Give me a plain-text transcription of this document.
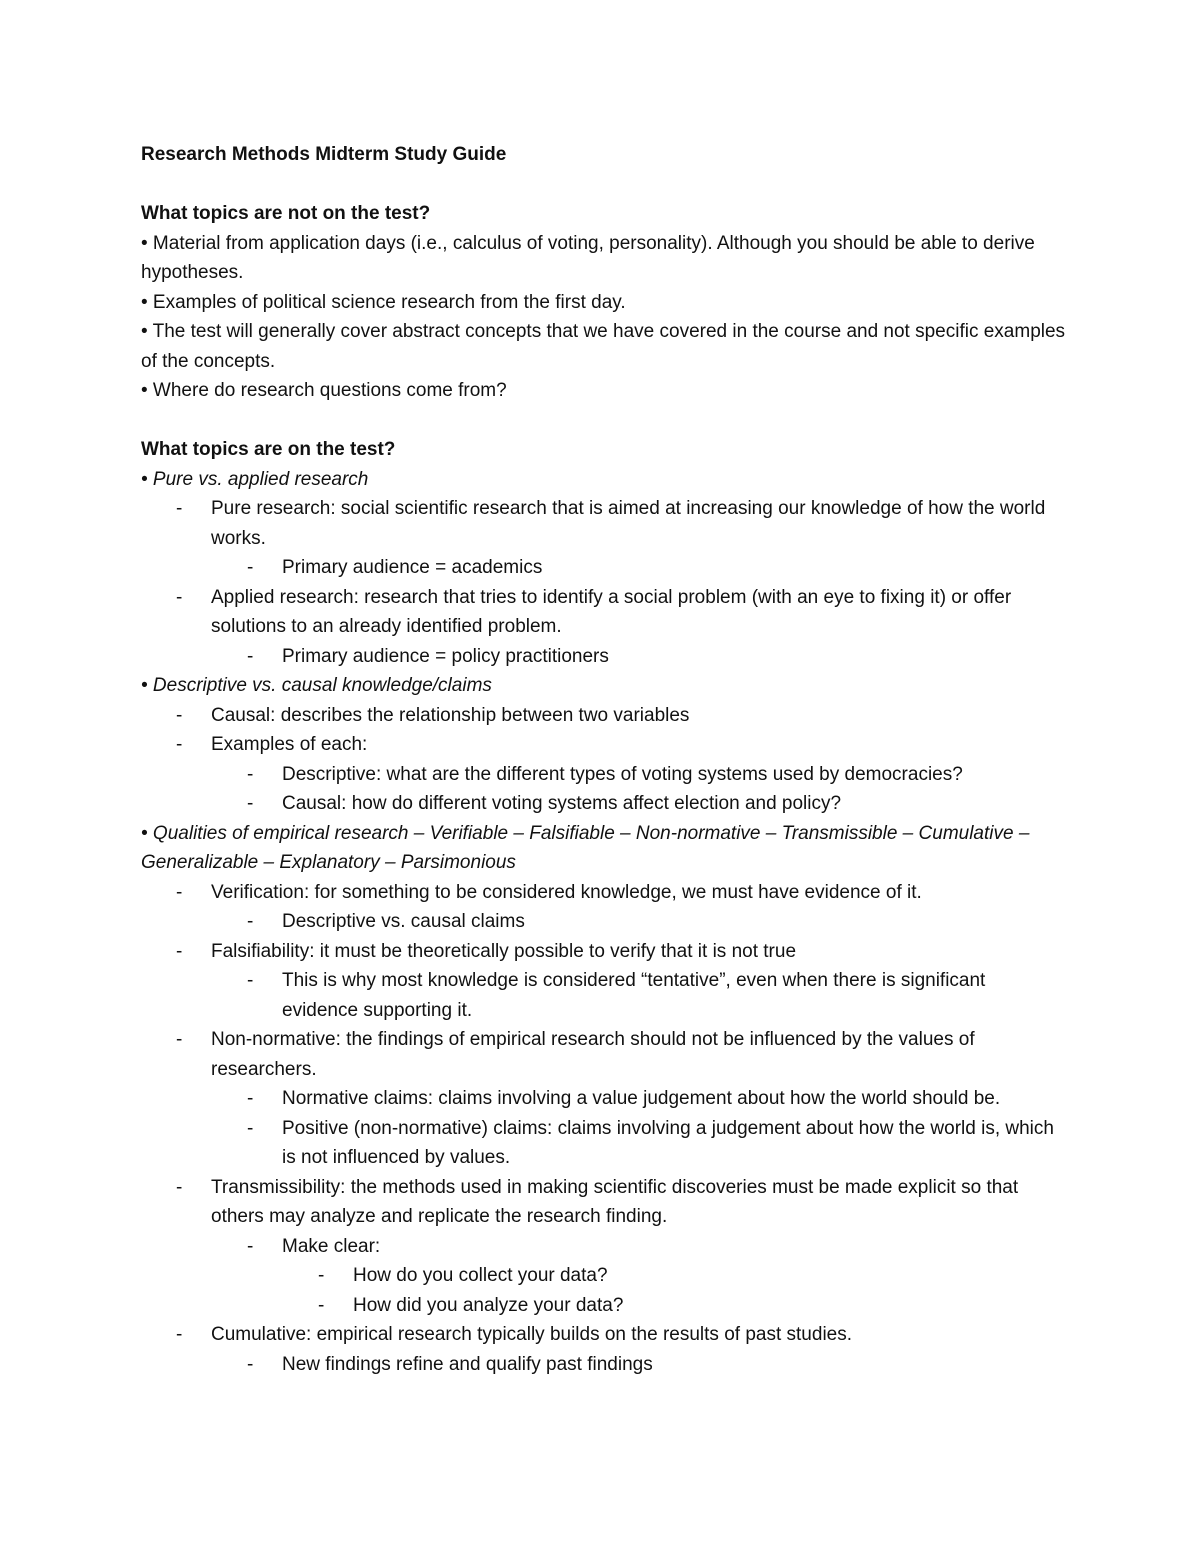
Research Methods Midterm Study Guide

What topics are not on the test?

• Material from application days (i.e., calculus of voting, personality). Although you should be able to derive hypotheses.

• Examples of political science research from the first day.

• The test will generally cover abstract concepts that we have covered in the course and not specific examples of the concepts.

• Where do research questions come from?

What topics are on the test?

• Pure vs. applied research

- Pure research: social scientific research that is aimed at increasing our knowledge of how the world works.
- Primary audience = academics
- Applied research: research that tries to identify a social problem (with an eye to fixing it) or offer solutions to an already identified problem.
- Primary audience = policy practitioners

• Descriptive vs. causal knowledge/claims

- Causal: describes the relationship between two variables
- Examples of each:
- Descriptive: what are the different types of voting systems used by democracies?
- Causal: how do different voting systems affect election and policy?

• Qualities of empirical research – Verifiable – Falsifiable – Non-normative – Transmissible – Cumulative – Generalizable – Explanatory – Parsimonious

- Verification: for something to be considered knowledge, we must have evidence of it.
- Descriptive vs. causal claims
- Falsifiability: it must be theoretically possible to verify that it is not true
- This is why most knowledge is considered “tentative”, even when there is significant evidence supporting it.
- Non-normative: the findings of empirical research should not be influenced by the values of researchers.
- Normative claims: claims involving a value judgement about how the world should be.
- Positive (non-normative) claims: claims involving a judgement about how the world is, which is not influenced by values.
- Transmissibility: the methods used in making scientific discoveries must be made explicit so that others may analyze and replicate the research finding.
- Make clear:
- How do you collect your data?
- How did you analyze your data?
- Cumulative: empirical research typically builds on the results of past studies.
- New findings refine and qualify past findings
